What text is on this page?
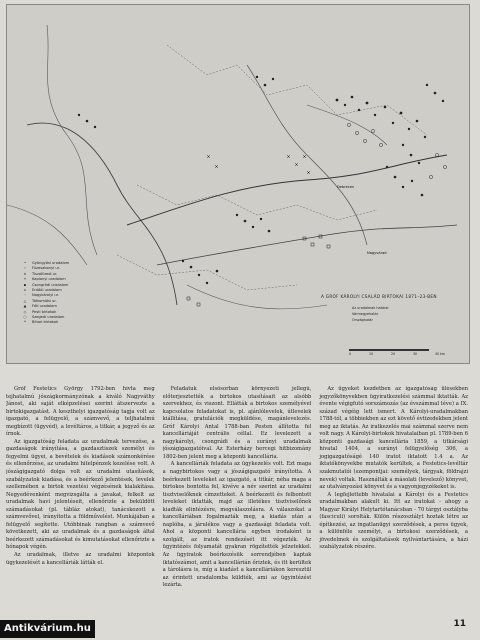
A GRÓF KÁROLYI CSALÁD BIRTOKAI 1871–23-BEN
Debrecen
Nagyvárad
•	Gyöngyösi uradalom
∘	Füzesabonyi ur.
×	Tiszafüredi ur.
+	Kaplonyi uradalom
▪	Csongrádi uradalom
▫	Erdődi uradalom
◦	Nagykárolyi ur.
△	Tótkomlósi ur.
▲	Fóti uradalom
◇	Pesti birtokok
○	Szegedi uradalom
*	Bihari birtokok
Az uradalmak határai
Vármegyehatár
Országhatár
0	10	20	30	40 km

Gróf Festetics György 1792-ben hívta meg tejhatalmú jószágkormányzónak a kiváló Nagyváthy Jánost, aki saját elképzelései szerint átszervezte a birtokigazgatást. A keszthelyi igazgatóság tagja volt az igazgató, a felügyelő, a számvevő, a teljhatalmú megbízott (ügyvéd), a levéltáros, a titkár, a jegyző és az írnok.

Az igazgatóság feladata az uradalmak tervezése, a gazdaságok irányítása, a gazdasztiszek személyi és fegyelmi ügyei, a bevételek és kiadások számonkérése és ellenőrzése, az uradalmi hitelpénzek kezelése volt. A jószágigazgató dolga volt az uradalmi utasítások, szabályzatok kiadása, és a beérkező jelentések, levelek szellemében a birtok vezetési végzésének kialakítása. Negyedévenként megvizsgálta a javakat, felkelt az uradalmak havi jelentéseit, ellenőrizte a beküldött számadásokat (pl. tábláz atokat), tanácskozott a számvevővel, irányította a földművelést. Munkájában a felügyelő segítette. Utóbbinak rangban a számvevő következett, aki az uradalmak és a gazdaságok által beérkezett számadásokat és kimutatásokat ellenőrizte a hónapok végén.

Az uradalmak, illetve az uradalmi központok ügykezelését a kancelláriák látták el.

Feladatuk elsősorban környezeti jellegű, előterjesztették a birtokos utasításait az alsóbb szervekhez, és viszont. Ellátták a birtokos személyével kapcsolatos feladatokat is, pl. ajánlólevelek, útlevelek kiállítása, gratulációk megküldése, magánlevelezés. Gróf Károlyi Antal 1788-ban Pesten állította fel kancelláriáját centrális céllal. Ez levelezett a nagykárolyi, csongrádi és a surányi uradalmak jószágigazgatóival. Az Esterházy hercegi hitbizomány 1802-ben jelent meg a központi kancellária.

A kancelláriák feladata az ügykezelés volt. Ezt maga a nagybirtokos vagy a jószágigazgató irányította. A beérkezett leveleket az igazgató, a titkár, néha maga a birtokos bontotta fel, kivéve a név szerint az uradalmi tisztviselőknek címzetteket. A beérkezett és felbontott leveleket iktatták, majd az illetékes tisztviselőnek kiadták elintézésre, megválaszolásra. A válaszokat a kancelláriában fogalmazták meg, a kiadás után a naplóba, a járulékos vagy a gazdasági feladata volt. Ahol a központi kancellária egyben irodaként is szolgált, az iratok rendezését itt végezték. Az ügyintézés folyamatát gyakran rögzítették jelzetekkel. Az ügyiratok beérkezésük sorrendjében kaptak iktatószámot, amit a kancellárián őriztek, és itt kerültek a tárolásra is, míg a kiadást a kancelláriákon keresztül az érintett uradalomba küldték, ami az ügyintézést lezárta.

Az ügyeket kezdetben az igazgatóság ülésekben jegyzőkönyvekben ügyiratkezelési számmal iktatták. Az évente végigfutó sorszámozás (az évszámmal téve) a IX. század végéig lett ismert. A Károlyi-uradalmakban 1788-tól, a többiekben az ezt követő évtizedekben jelent meg az iktatás. Az iratkezelés mai számmal szerve nem volt nagy. A Károlyi-birtokok hivatalaiban pl. 1789-ben 6 központi gazdasági kancellária 1859, a titkársági hivatal 1404, a surányi felügyelőség 306, a jogigazgatóságé 140 iratot iktatott 1.4 a. Az iktatókönyvekbe mutatók kerültek, a Festetics-levéltár szakmutatói (szempontjai: személyek, tárgyak, földrajzi nevek) voltak. Használták a másolati (levelező) könyvet, az utalványozási könyvet és a vagyonjegyzékeket is.

A legfejlettebb hivatalai a Károlyi és a Festetics uradalmakban alakult ki. Itt az iratokat - ahogy a Magyar Királyi Helytartótanácsban - 70 tárgyi osztályba (fasciculi) sorolták. Külön részosztályt hoztak létre az építkezési, az ingatlanügyi szerződések, a peres ügyek, a különféle személyi, a birtokosi szerződések, a jövedelmek és szolgáltatások nyilvántartására, a házi szabályzatok részére.

11
Antikvárium.hu
